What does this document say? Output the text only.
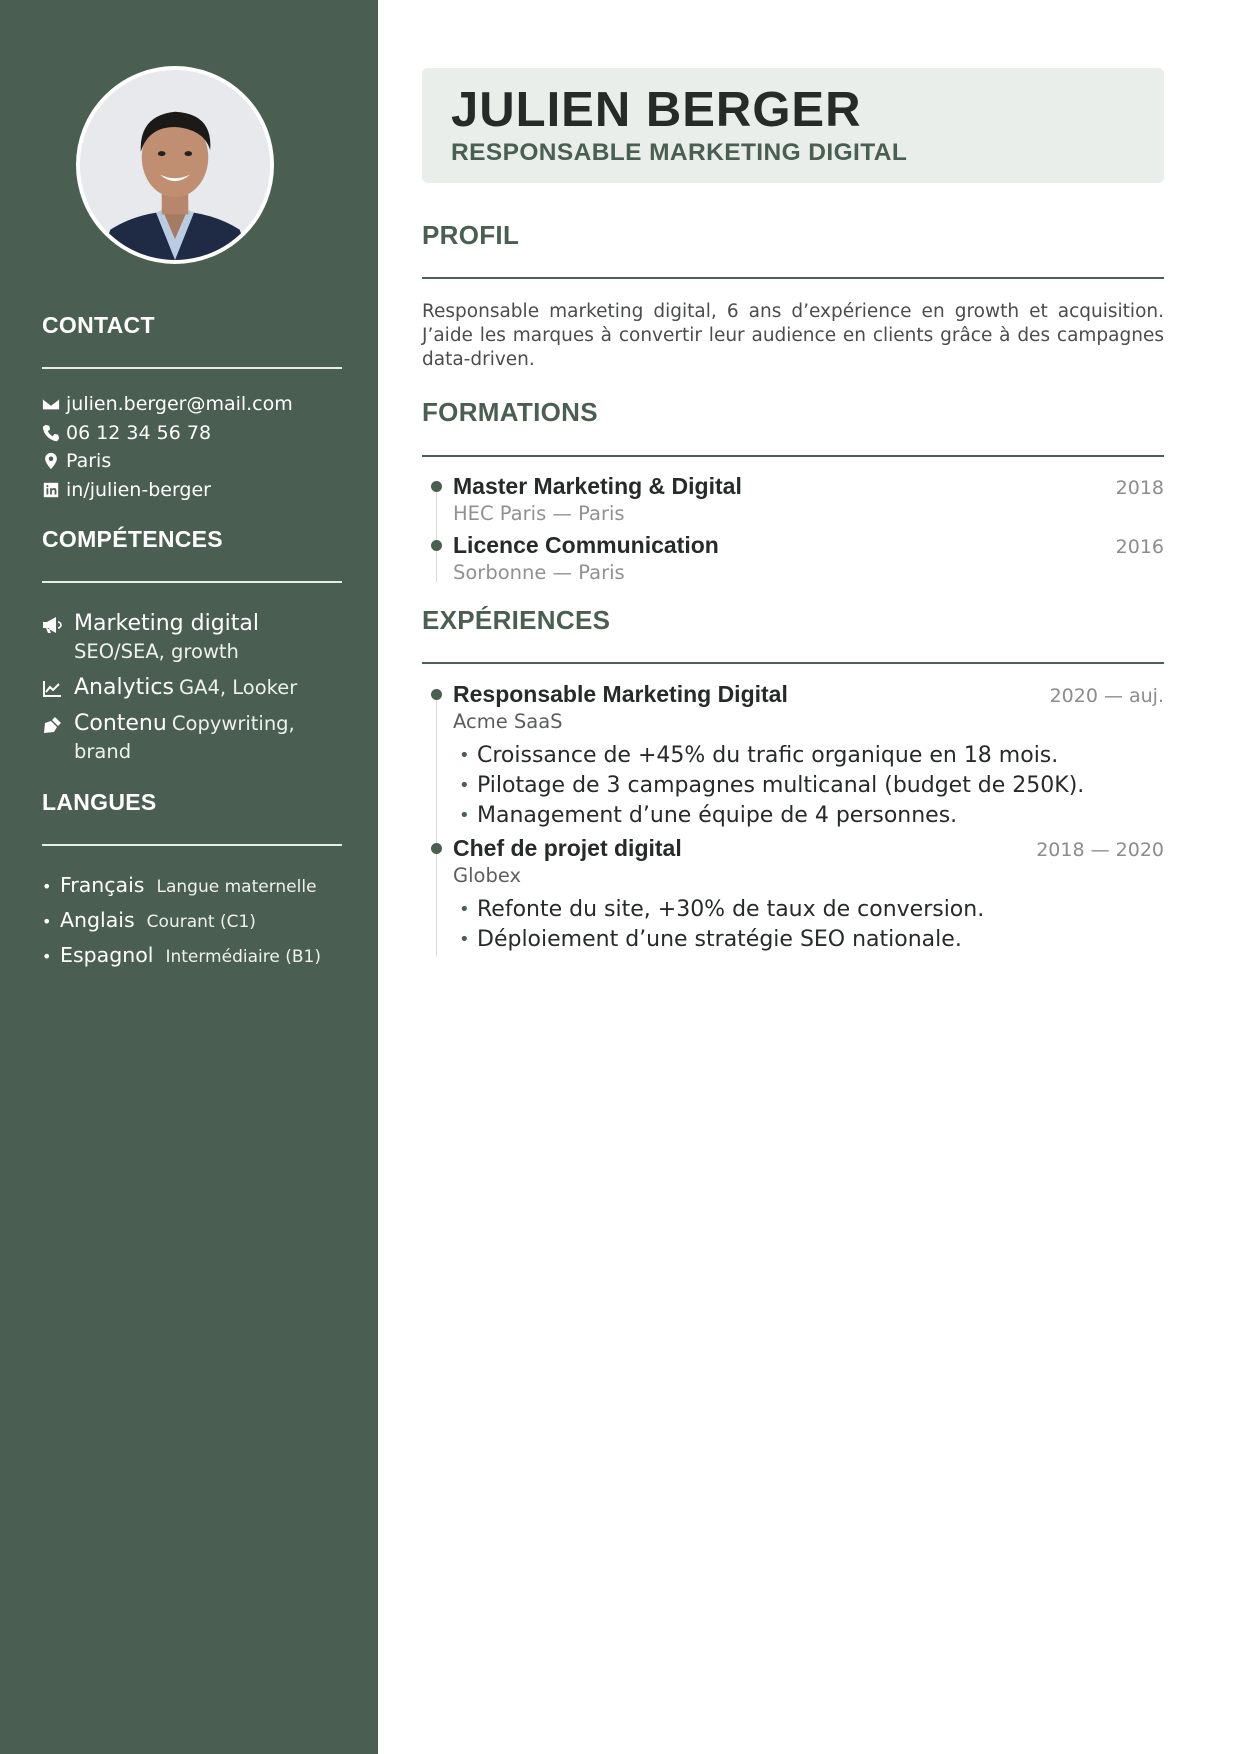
CONTACT
julien.berger@mail.com
06 12 34 56 78
Paris
in/julien-berger
COMPÉTENCES
Marketing digital
SEO/SEA, growth
Analytics GA4, Looker
Contenu Copywriting, brand
LANGUES
• Français Langue maternelle
• Anglais Courant (C1)
• Espagnol Intermédiaire (B1)
JULIEN BERGER
RESPONSABLE MARKETING DIGITAL
PROFIL

Responsable marketing digital, 6 ans d’expérience en growth et acquisition. J’aide les marques à convertir leur audience en clients grâce à des campagnes data-driven.

FORMATIONS
Master Marketing & Digital	2018
HEC Paris — Paris
Licence Communication	2016
Sorbonne — Paris
EXPÉRIENCES
Responsable Marketing Digital	2020 — auj.
Acme SaaS
• Croissance de +45% du trafic organique en 18 mois.
• Pilotage de 3 campagnes multicanal (budget de 250K).
• Management d’une équipe de 4 personnes.
Chef de projet digital	2018 — 2020
Globex
• Refonte du site, +30% de taux de conversion.
• Déploiement d’une stratégie SEO nationale.
